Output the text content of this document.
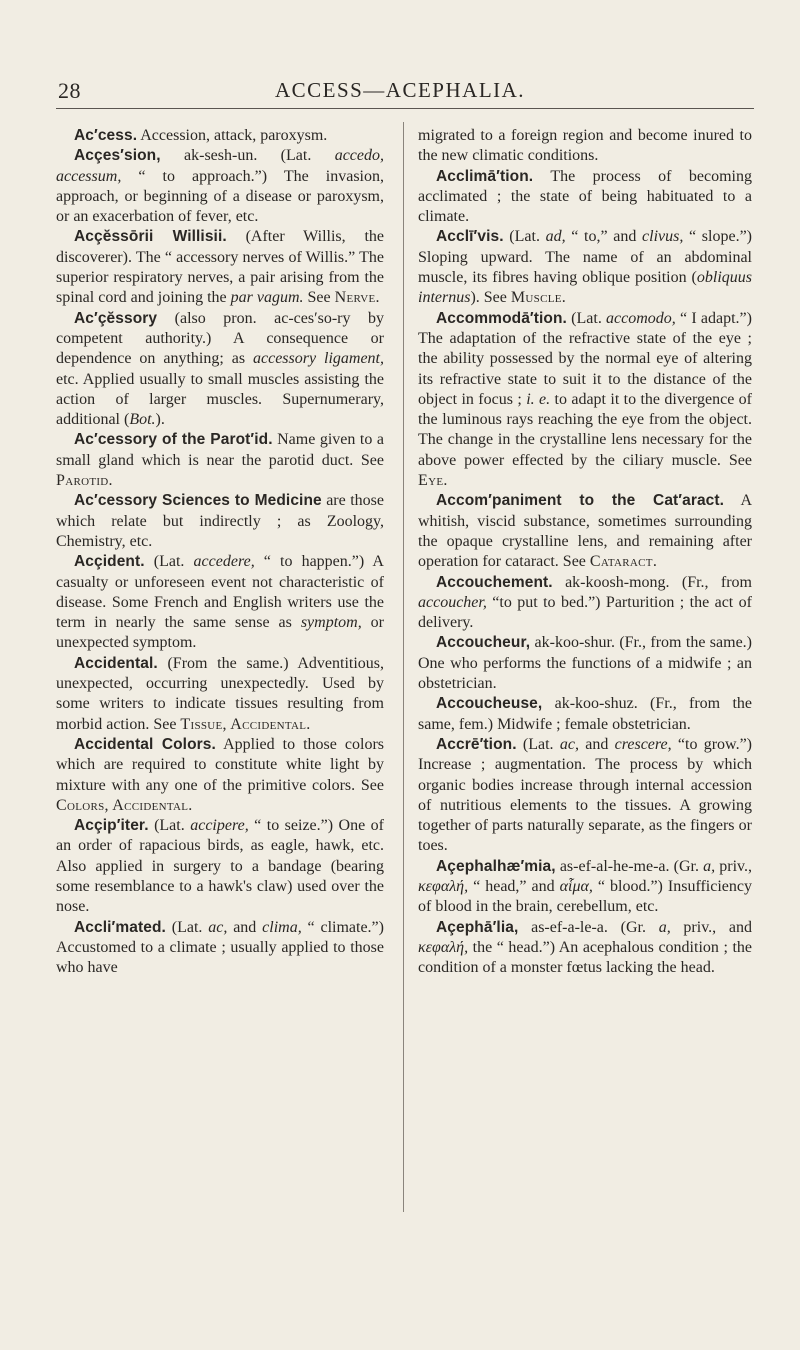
28	ACCESS—ACEPHALIA.

Ac′cess. Accession, attack, paroxysm.

Acçes′sion, ak-sesh-un. (Lat. accedo, accessum, “ to approach.”) The invasion, approach, or beginning of a disease or paroxysm, or an exacerbation of fever, etc.

Acçĕssōrii Willisii. (After Willis, the discoverer). The “ accessory nerves of Willis.” The superior respiratory nerves, a pair arising from the spinal cord and joining the par vagum. See Nerve.

Ac′çĕssory (also pron. ac-ces′so-ry by competent authority.) A consequence or dependence on anything; as accessory ligament, etc. Applied usually to small muscles assisting the action of larger muscles. Supernumerary, additional (Bot.).

Ac′cessory of the Parot′id. Name given to a small gland which is near the parotid duct. See Parotid.

Ac′cessory Sciences to Medicine are those which relate but indirectly ; as Zoology, Chemistry, etc.

Acçident. (Lat. accedere, “ to happen.”) A casualty or unforeseen event not characteristic of disease. Some French and English writers use the term in nearly the same sense as symptom, or unexpected symptom.

Accidental. (From the same.) Adventitious, unexpected, occurring unexpectedly. Used by some writers to indicate tissues resulting from morbid action. See Tissue, Accidental.

Accidental Colors. Applied to those colors which are required to constitute white light by mixture with any one of the primitive colors. See Colors, Accidental.

Acçip′iter. (Lat. accipere, “ to seize.”) One of an order of rapacious birds, as eagle, hawk, etc. Also applied in surgery to a bandage (bearing some resemblance to a hawk's claw) used over the nose.

Accli′mated. (Lat. ac, and clima, “ climate.”) Accustomed to a climate ; usually applied to those who have

migrated to a foreign region and become inured to the new climatic conditions.

Acclimā′tion. The process of becoming acclimated ; the state of being habituated to a climate.

Acclī′vis. (Lat. ad, “ to,” and clivus, “ slope.”) Sloping upward. The name of an abdominal muscle, its fibres having oblique position (obliquus internus). See Muscle.

Accommodā′tion. (Lat. accomodo, “ I adapt.”) The adaptation of the refractive state of the eye ; the ability possessed by the normal eye of altering its refractive state to suit it to the distance of the object in focus ; i. e. to adapt it to the divergence of the luminous rays reaching the eye from the object. The change in the crystalline lens necessary for the above power effected by the ciliary muscle. See Eye.

Accom′paniment to the Cat′aract. A whitish, viscid substance, sometimes surrounding the opaque crystalline lens, and remaining after operation for cataract. See Cataract.

Accouchement. ak-koosh-mong. (Fr., from accoucher, “to put to bed.”) Parturition ; the act of delivery.

Accoucheur, ak-koo-shur. (Fr., from the same.) One who performs the functions of a midwife ; an obstetrician.

Accoucheuse, ak-koo-shuz. (Fr., from the same, fem.) Midwife ; female obstetrician.

Accrē′tion. (Lat. ac, and crescere, “to grow.”) Increase ; augmentation. The process by which organic bodies increase through internal accession of nutritious elements to the tissues. A growing together of parts naturally separate, as the fingers or toes.

Açephalhæ′mia, as-ef-al-he-me-a. (Gr. a, priv., κεφαλή, “ head,” and αἷμα, “ blood.”) Insufficiency of blood in the brain, cerebellum, etc.

Açephā′lia, as-ef-a-le-a. (Gr. a, priv., and κεφαλή, the “ head.”) An acephalous condition ; the condition of a monster fœtus lacking the head.
